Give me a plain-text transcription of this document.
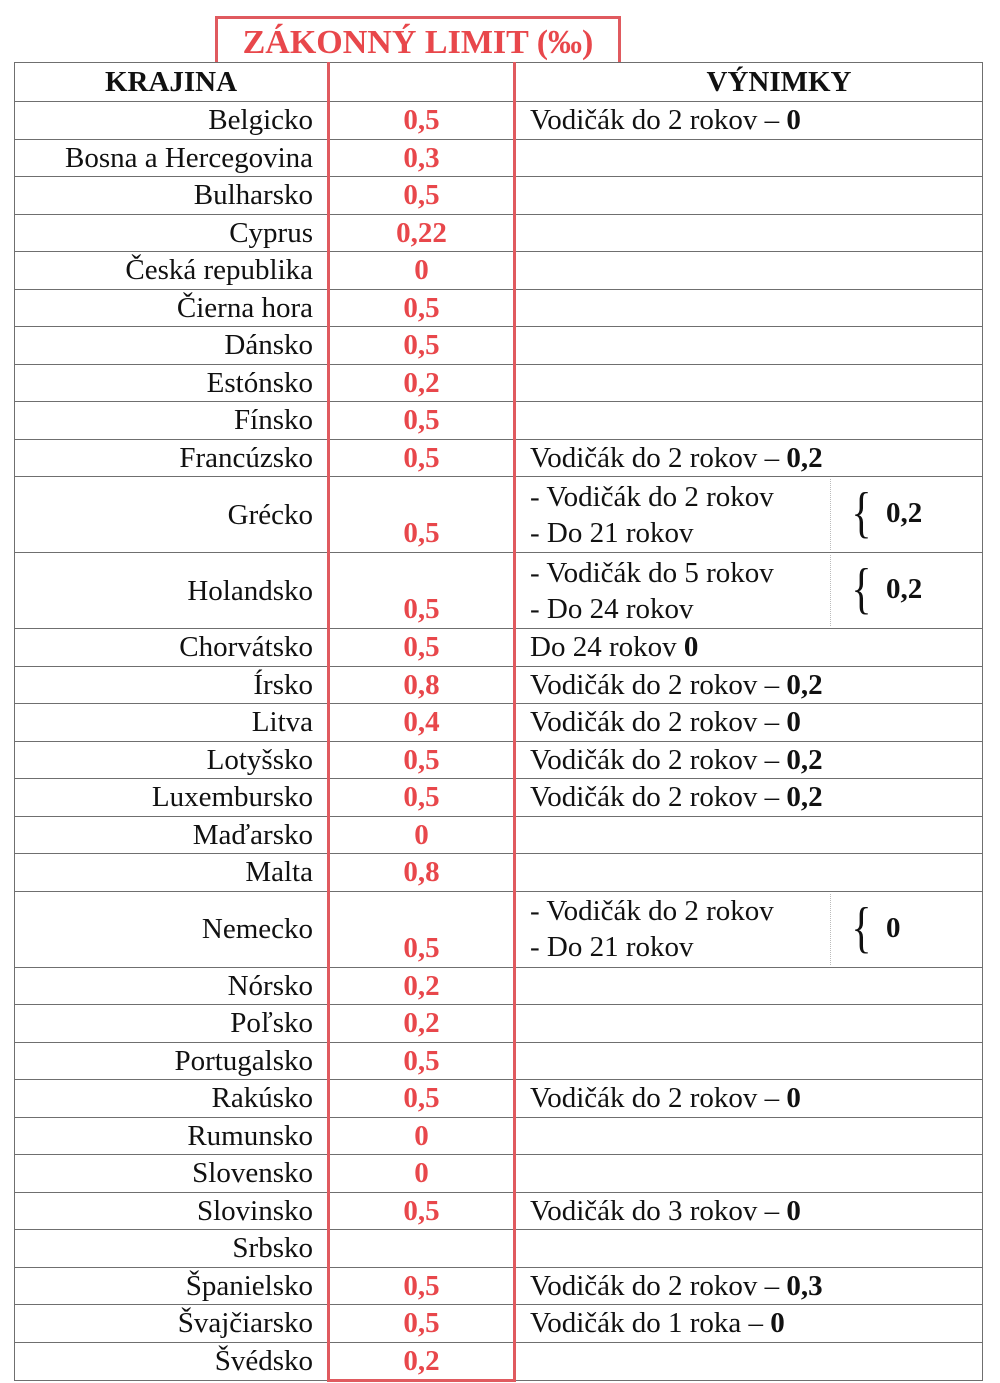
ZÁKONNÝ LIMIT (‰)
KRAJINA		VÝNIMKY
Belgicko	0,5	Vodičák do 2 rokov – 0
Bosna a Hercegovina	0,3	
Bulharsko	0,5	
Cyprus	0,22	
Česká republika	0	
Čierna hora	0,5	
Dánsko	0,5	
Estónsko	0,2	
Fínsko	0,5	
Francúzsko	0,5	Vodičák do 2 rokov – 0,2
Grécko	0,5	- Vodičák do 2 rokov
- Do 21 rokov { 0,2

Holandsko	0,5	- Vodičák do 5 rokov
- Do 24 rokov { 0,2

Chorvátsko	0,5	Do 24 rokov 0
Írsko	0,8	Vodičák do 2 rokov – 0,2
Litva	0,4	Vodičák do 2 rokov – 0
Lotyšsko	0,5	Vodičák do 2 rokov – 0,2
Luxembursko	0,5	Vodičák do 2 rokov – 0,2
Maďarsko	0	
Malta	0,8	
Nemecko	0,5	- Vodičák do 2 rokov
- Do 21 rokov { 0

Nórsko	0,2	
Poľsko	0,2	
Portugalsko	0,5	
Rakúsko	0,5	Vodičák do 2 rokov – 0
Rumunsko	0	
Slovensko	0	
Slovinsko	0,5	Vodičák do 3 rokov – 0
Srbsko		
Španielsko	0,5	Vodičák do 2 rokov – 0,3
Švajčiarsko	0,5	Vodičák do 1 roka – 0
Švédsko	0,2	
